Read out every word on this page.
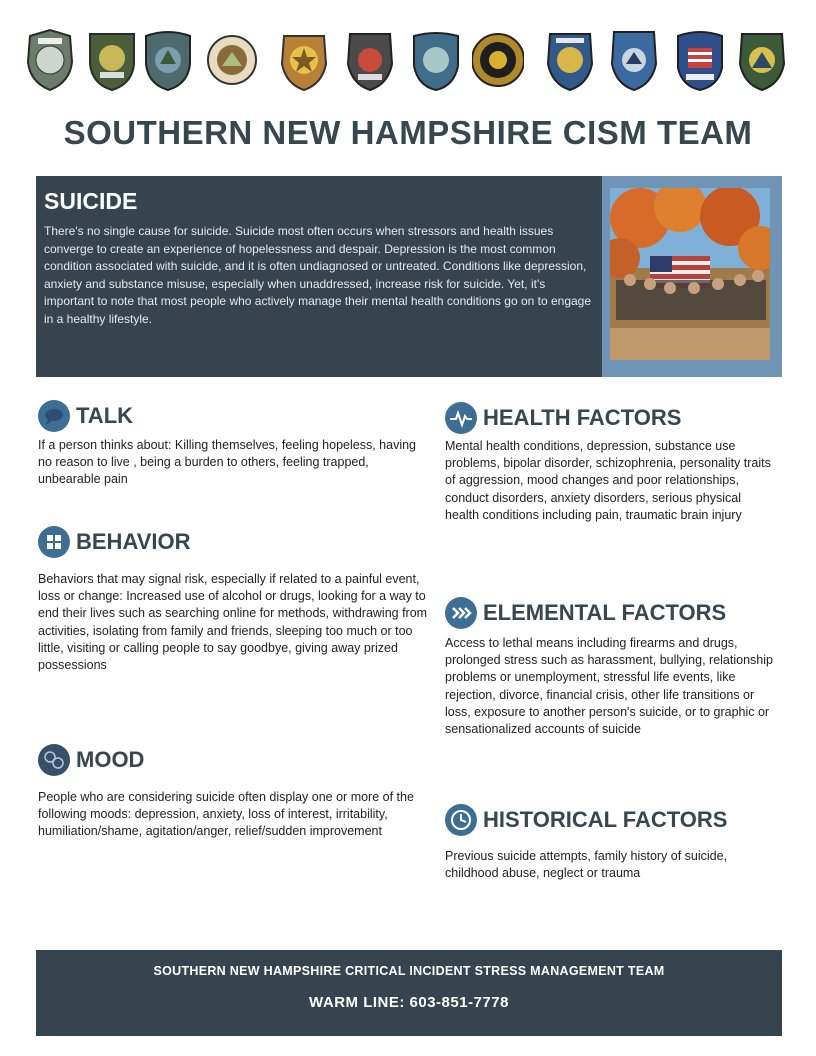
SOUTHERN NEW HAMPSHIRE CISM TEAM
SUICIDE
There's no single cause for suicide. Suicide most often occurs when stressors and health issues converge to create an experience of hopelessness and despair. Depression is the most common condition associated with suicide, and it is often undiagnosed or untreated. Conditions like depression, anxiety and substance misuse, especially when unaddressed, increase risk for suicide. Yet, it's important to note that most people who actively manage their mental health conditions go on to engage in a healthy lifestyle.
TALK
If a person thinks about: Killing themselves, feeling hopeless, having no reason to live , being a burden to others, feeling trapped, unbearable pain
BEHAVIOR
Behaviors that may signal risk, especially if related to a painful event, loss or change: Increased use of alcohol or drugs, looking for a way to end their lives such as searching online for methods, withdrawing from activities, isolating from family and friends, sleeping too much or too little, visiting or calling people to say goodbye, giving away prized possessions
MOOD
People who are considering suicide often display one or more of the following moods: depression, anxiety, loss of interest, irritability, humiliation/shame, agitation/anger, relief/sudden improvement
HEALTH FACTORS
Mental health conditions, depression, substance use problems, bipolar disorder, schizophrenia, personality traits of aggression, mood changes and poor relationships, conduct disorders, anxiety disorders, serious physical health conditions including pain, traumatic brain injury
ELEMENTAL FACTORS
Access to lethal means including firearms and drugs, prolonged stress such as harassment, bullying, relationship problems or unemployment, stressful life events, like rejection, divorce, financial crisis, other life transitions or loss, exposure to another person's suicide, or to graphic or sensationalized accounts of suicide
HISTORICAL FACTORS
Previous suicide attempts, family history of suicide, childhood abuse, neglect or trauma
SOUTHERN NEW HAMPSHIRE CRITICAL INCIDENT STRESS MANAGEMENT TEAM
WARM LINE: 603-851-7778
